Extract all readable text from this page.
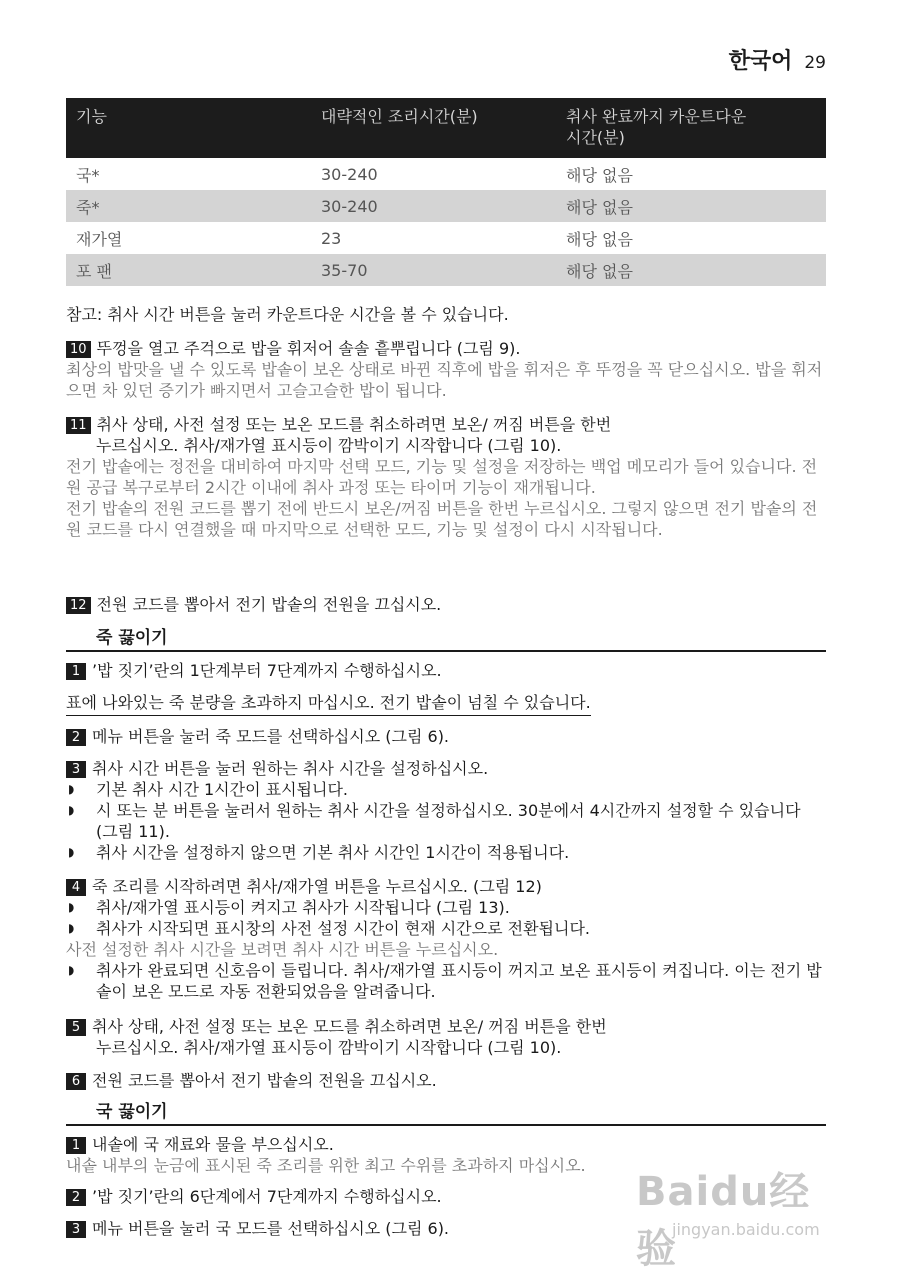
한국어 29
기능	대략적인 조리시간(분)	취사 완료까지 카운트다운
시간(분)
국*	30-240	해당 없음
죽*	30-240	해당 없음
재가열	23	해당 없음
포 팬	35-70	해당 없음
참고: 취사 시간 버튼을 눌러 카운트다운 시간을 볼 수 있습니다.
10 뚜껑을 열고 주걱으로 밥을 휘저어 솔솔 흩뿌립니다 (그림 9).
최상의 밥맛을 낼 수 있도록 밥솥이 보온 상태로 바뀐 직후에 밥을 휘저은 후 뚜껑을 꼭 닫으십시오. 밥을 휘저으면 차 있던 증기가 빠지면서 고슬고슬한 밥이 됩니다.
11 취사 상태, 사전 설정 또는 보온 모드를 취소하려면 보온/ 꺼짐 버튼을 한번
누르십시오. 취사/재가열 표시등이 깜박이기 시작합니다 (그림 10).
전기 밥솥에는 정전을 대비하여 마지막 선택 모드, 기능 및 설정을 저장하는 백업 메모리가 들어 있습니다. 전원 공급 복구로부터 2시간 이내에 취사 과정 또는 타이머 기능이 재개됩니다.
전기 밥솥의 전원 코드를 뽑기 전에 반드시 보온/꺼짐 버튼을 한번 누르십시오. 그렇지 않으면 전기 밥솥의 전원 코드를 다시 연결했을 때 마지막으로 선택한 모드, 기능 및 설정이 다시 시작됩니다.
12 전원 코드를 뽑아서 전기 밥솥의 전원을 끄십시오.
죽 끓이기
1 ’밥 짓기’란의 1단계부터 7단계까지 수행하십시오.
표에 나와있는 죽 분량을 초과하지 마십시오. 전기 밥솥이 넘칠 수 있습니다.
2 메뉴 버튼을 눌러 죽 모드를 선택하십시오 (그림 6).
3 취사 시간 버튼을 눌러 원하는 취사 시간을 설정하십시오.
◗ 기본 취사 시간 1시간이 표시됩니다.
◗ 시 또는 분 버튼을 눌러서 원하는 취사 시간을 설정하십시오. 30분에서 4시간까지 설정할 수 있습니다 (그림 11).
◗ 취사 시간을 설정하지 않으면 기본 취사 시간인 1시간이 적용됩니다.
4 죽 조리를 시작하려면 취사/재가열 버튼을 누르십시오. (그림 12)
◗ 취사/재가열 표시등이 켜지고 취사가 시작됩니다 (그림 13).
◗ 취사가 시작되면 표시창의 사전 설정 시간이 현재 시간으로 전환됩니다.
사전 설정한 취사 시간을 보려면 취사 시간 버튼을 누르십시오.
◗ 취사가 완료되면 신호음이 들립니다. 취사/재가열 표시등이 꺼지고 보온 표시등이 켜집니다. 이는 전기 밥솥이 보온 모드로 자동 전환되었음을 알려줍니다.
5 취사 상태, 사전 설정 또는 보온 모드를 취소하려면 보온/ 꺼짐 버튼을 한번
누르십시오. 취사/재가열 표시등이 깜박이기 시작합니다 (그림 10).
6 전원 코드를 뽑아서 전기 밥솥의 전원을 끄십시오.
국 끓이기
1 내솥에 국 재료와 물을 부으십시오.
내솥 내부의 눈금에 표시된 죽 조리를 위한 최고 수위를 초과하지 마십시오.
2 ’밥 짓기’란의 6단계에서 7단계까지 수행하십시오.
3 메뉴 버튼을 눌러 국 모드를 선택하십시오 (그림 6).
Baidu经验
jingyan.baidu.com
